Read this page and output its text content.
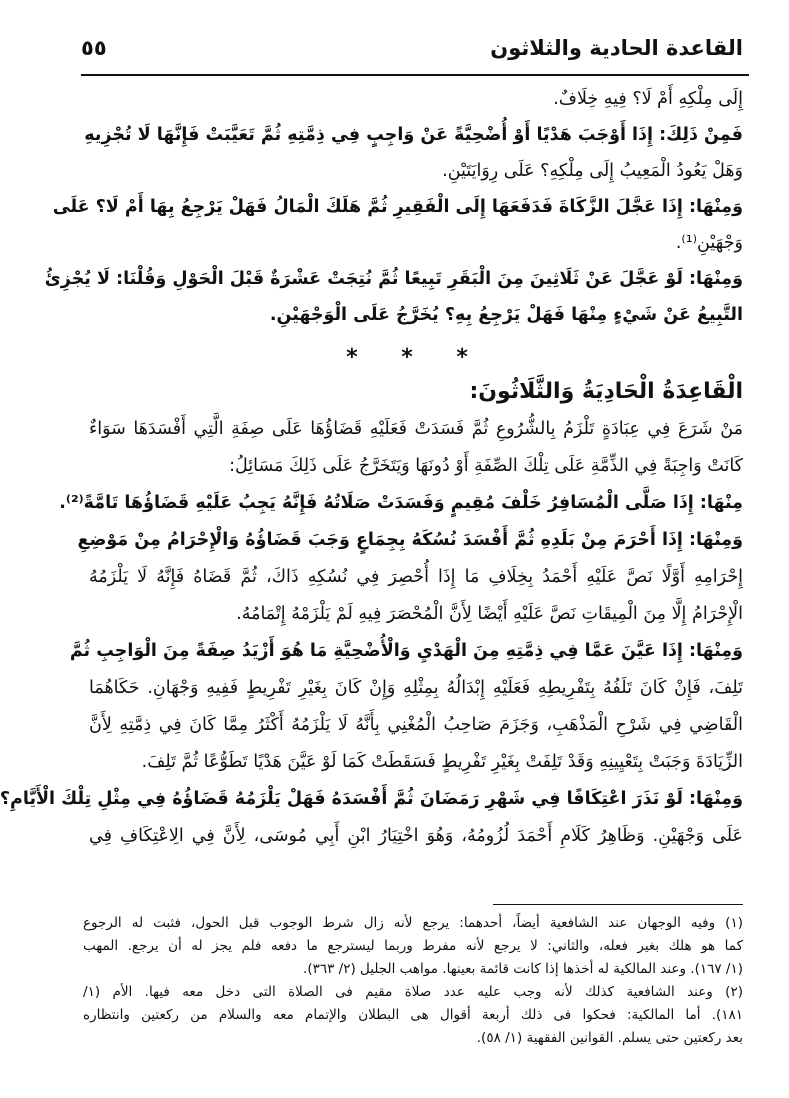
القاعدة الحادية والثلاثون
٥٥
إِلَى مِلْكِهِ أَمْ لَا؟ فِيهِ خِلَافٌ.
فَمِنْ ذَلِكَ: إِذَا أَوْجَبَ هَدْيًا أَوْ أُضْحِيَّةً عَنْ وَاجِبٍ فِي ذِمَّتِهِ ثُمَّ تَعَيَّبَتْ فَإِنَّهَا لَا تُجْزِيهِ
وَهَلْ يَعُودُ الْمَعِيبُ إِلَى مِلْكِهِ؟ عَلَى رِوَايَتَيْنِ.
وَمِنْهَا: إِذَا عَجَّلَ الزَّكَاةَ فَدَفَعَهَا إِلَى الْفَقِيرِ ثُمَّ هَلَكَ الْمَالُ فَهَلْ يَرْجِعُ بِهَا أَمْ لَا؟ عَلَى
وَجْهَيْنِ⁽¹⁾.
وَمِنْهَا: لَوْ عَجَّلَ عَنْ ثَلَاثِينَ مِنَ الْبَقَرِ تَبِيعًا ثُمَّ نُتِجَتْ عَشْرَةٌ قَبْلَ الْحَوْلِ وَقُلْنَا: لَا يُجْزِئُ
التَّبِيعُ عَنْ شَيْءٍ مِنْهَا فَهَلْ يَرْجِعُ بِهِ؟ يُخَرَّجُ عَلَى الْوَجْهَيْنِ.
* * *
الْقَاعِدَةُ الْحَادِيَةُ وَالثَّلَاثُونَ:
مَنْ شَرَعَ فِي عِبَادَةٍ تَلْزَمُ بِالشُّرُوعِ ثُمَّ فَسَدَتْ فَعَلَيْهِ قَضَاؤُهَا عَلَى صِفَةِ الَّتِي أَفْسَدَهَا سَوَاءٌ
كَانَتْ وَاجِبَةً فِي الذِّمَّةِ عَلَى تِلْكَ الصِّفَةِ أَوْ دُونَهَا وَيَتَخَرَّجُ عَلَى ذَلِكَ مَسَائِلُ:
مِنْهَا: إِذَا صَلَّى الْمُسَافِرُ خَلْفَ مُقِيمٍ وَفَسَدَتْ صَلَاتُهُ فَإِنَّهُ يَجِبُ عَلَيْهِ قَضَاؤُهَا تَامَّةً⁽²⁾.
وَمِنْهَا: إِذَا أَحْرَمَ مِنْ بَلَدِهِ ثُمَّ أَفْسَدَ نُسُكَهُ بِجِمَاعٍ وَجَبَ قَضَاؤُهُ وَالْإِحْرَامُ مِنْ مَوْضِعِ
إِحْرَامِهِ أَوَّلًا نَصَّ عَلَيْهِ أَحْمَدُ بِخِلَافِ مَا إِذَا أُحْصِرَ فِي نُسُكِهِ ذَاكَ، ثُمَّ قَضَاهُ فَإِنَّهُ لَا يَلْزَمُهُ
الْإِحْرَامُ إِلَّا مِنَ الْمِيقَاتِ نَصَّ عَلَيْهِ أَيْضًا لِأَنَّ الْمُحْصَرَ فِيهِ لَمْ يَلْزَمْهُ إِتْمَامُهُ.
وَمِنْهَا: إِذَا عَيَّنَ عَمَّا فِي ذِمَّتِهِ مِنَ الْهَدْيِ وَالْأُضْحِيَّةِ مَا هُوَ أَزْيَدُ صِفَةً مِنَ الْوَاجِبِ ثُمَّ
تَلِفَ، فَإِنْ كَانَ تَلَفُهُ بِتَفْرِيطِهِ فَعَلَيْهِ إِبْدَالُهُ بِمِثْلِهِ وَإِنْ كَانَ بِغَيْرِ تَفْرِيطٍ فَفِيهِ وَجْهَانِ. حَكَاهُمَا
الْقَاضِي فِي شَرْحِ الْمَذْهَبِ، وَجَزَمَ صَاحِبُ الْمُغْنِي بِأَنَّهُ لَا يَلْزَمُهُ أَكْثَرُ مِمَّا كَانَ فِي ذِمَّتِهِ لِأَنَّ
الزِّيَادَةَ وَجَبَتْ بِتَعْيِينِهِ وَقَدْ تَلِفَتْ بِغَيْرِ تَفْرِيطٍ فَسَقَطَتْ كَمَا لَوْ عَيَّنَ هَدْيًا تَطَوُّعًا ثُمَّ تَلِفَ.
وَمِنْهَا: لَوْ نَذَرَ اعْتِكَافًا فِي شَهْرِ رَمَضَانَ ثُمَّ أَفْسَدَهُ فَهَلْ يَلْزَمُهُ قَضَاؤُهُ فِي مِثْلِ تِلْكَ الْأَيَّامِ؟
عَلَى وَجْهَيْنِ. وَظَاهِرُ كَلَامِ أَحْمَدَ لُزُومُهُ، وَهُوَ اخْتِيَارُ ابْنِ أَبِي مُوسَى، لِأَنَّ فِي الِاعْتِكَافِ فِي
(١) وفيه الوجهان عند الشافعية أيضاً، أحدهما: يرجع لأنه زال شرط الوجوب قبل الحول، فثبت له الرجوع
كما هو هلك بغير فعله، والثاني: لا يرجع لأنه مفرط وربما ليسترجع ما دفعه فلم يجز له أن يرجع. المهب
(١/ ١٦٧). وعند المالكية له أخذها إذا كانت قائمة بعينها. مواهب الجليل (٢/ ٣٦٣).
(٢) وعند الشافعية كذلك لأنه وجب عليه عدد صلاة مقيم فى الصلاة التى دخل معه فيها. الأم (١/
١٨١). أما المالكية: فحكوا فى ذلك أربعة أقوال هى البطلان والإتمام معه والسلام من ركعتين وانتظاره
بعد ركعتين حتى يسلم. القوانين الفقهية (١/ ٥٨).
